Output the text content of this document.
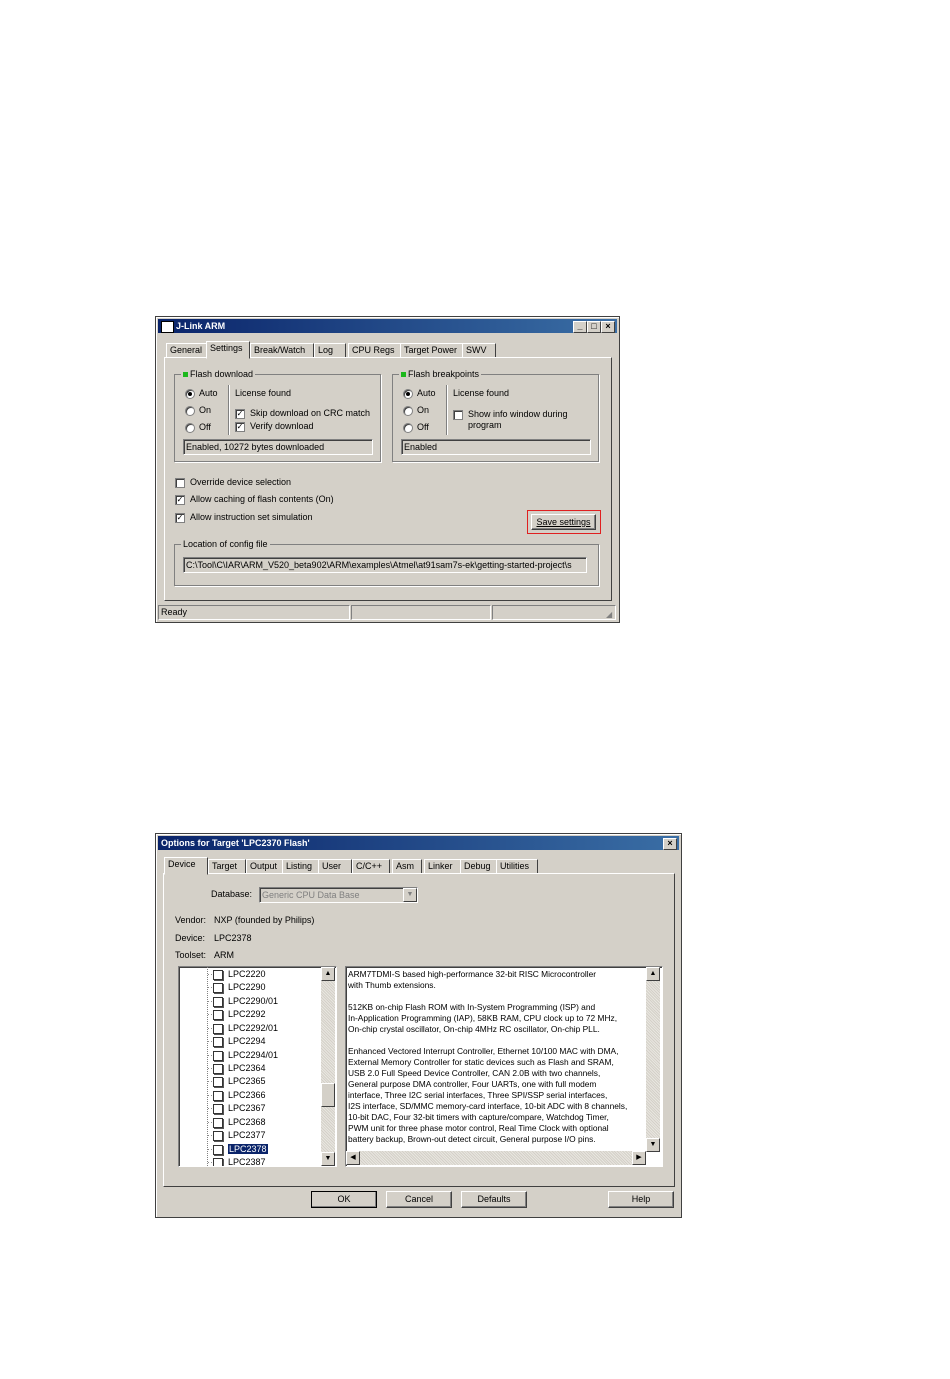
J-Link ARM	_ □ ×
General Settings	Break/Watch	Log	CPU Regs	Target Power SWV
Flash download
Auto
On
Off
License found
✓ Skip download on CRC match
✓ Verify download
Enabled, 10272 bytes downloaded
Flash breakpoints
Auto
On
Off
License found
Show info window during
program
Enabled
Override device selection
✓ Allow caching of flash contents (On)
✓ Allow instruction set simulation	Save settings
Location of config file
C:\Tool\C\IAR\ARM_V520_beta902\ARM\examples\Atmel\at91sam7s-ek\getting-started-project\s
Ready	◢
Options for Target 'LPC2370 Flash'	×
Device	Target	Output Listing	User	C/C++	Asm	Linker	Debug	Utilities
Database:	Generic CPU Data Base	▼
Vendor: NXP (founded by Philips)
Device: LPC2378
Toolset: ARM
·· LPC2220
·· LPC2290
·· LPC2290/01
·· LPC2292
·· LPC2292/01
·· LPC2294
·· LPC2294/01
·· LPC2364
·· LPC2365
·· LPC2366
·· LPC2367
·· LPC2368
·· LPC2377
·· LPC2378
·· LPC2387
▲
▼

ARM7TDMI-S based high-performance 32-bit RISC Microcontroller
with Thumb extensions.

512KB on-chip Flash ROM with In-System Programming (ISP) and
In-Application Programming (IAP), 58KB RAM, CPU clock up to 72 MHz,
On-chip crystal oscillator, On-chip 4MHz RC oscillator, On-chip PLL.

Enhanced Vectored Interrupt Controller, Ethernet 10/100 MAC with DMA,
External Memory Controller for static devices such as Flash and SRAM,
USB 2.0 Full Speed Device Controller, CAN 2.0B with two channels,
General purpose DMA controller, Four UARTs, one with full modem
interface, Three I2C serial interfaces, Three SPI/SSP serial interfaces,
I2S interface, SD/MMC memory-card interface, 10-bit ADC with 8 channels,
10-bit DAC, Four 32-bit timers with capture/compare, Watchdog Timer,
PWM unit for three phase motor control, Real Time Clock with optional
battery backup, Brown-out detect circuit, General purpose I/O pins.

▲
▼
◀	▶
OK	Cancel	Defaults	Help
